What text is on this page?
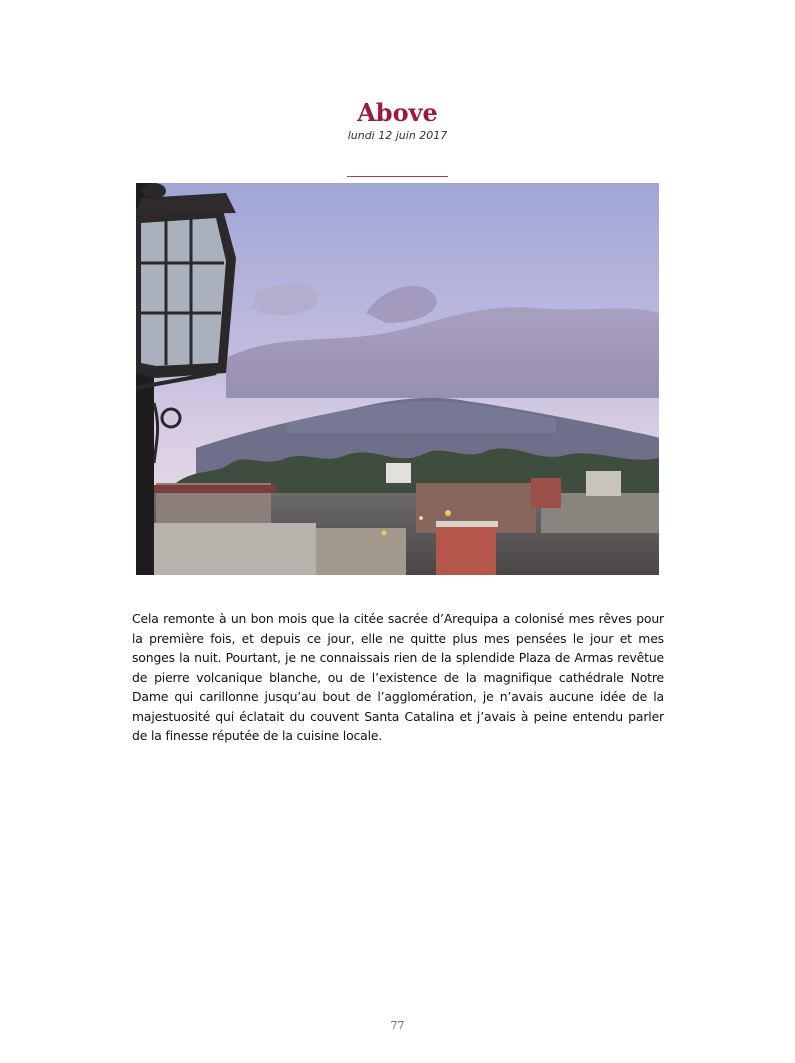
Above
lundi 12 juin 2017

Cela remonte à un bon mois que la citée sacrée d’Arequipa a colonisé mes rêves pour la première fois, et depuis ce jour, elle ne quitte plus mes pensées le jour et mes songes la nuit. Pourtant, je ne connaissais rien de la splendide Plaza de Armas revêtue de pierre volcanique blanche, ou de l’existence de la magnifique cathédrale Notre Dame qui carillonne jusqu’au bout de l’agglomération, je n’avais aucune idée de la majestuosité qui éclatait du couvent Santa Catalina et j’avais à peine entendu parler de la finesse réputée de la cuisine locale.

77
